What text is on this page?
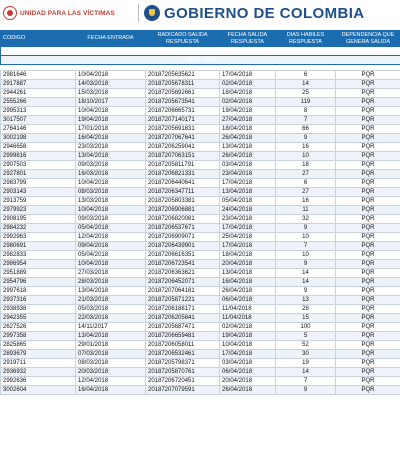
UNIDAD PARA LAS VÍCTIMAS	GOBIERNO DE COLOMBIA
REPORTE MENSUAL GESTION DE PETICIONES					
ABRIL 2018					

CODIGO	FECHA ENTRADA	RADICADO SALIDA RESPUESTA	FECHA SALIDA RESPUESTA	DIAS HABILES RESPUESTA	DEPENDENCIA QUE GENERA SALIDA
2981646	10/04/2018	20187205635621	17/04/2018	6	PQR
2917887	14/03/2018	20187205678311	02/04/2018	14	PQR
2944261	15/03/2018	20187205692661	18/04/2018	25	PQR
2555266	18/10/2017	20187205673541	02/04/2018	119	PQR
2995313	10/04/2018	20187206665731	19/04/2018	8	PQR
3017507	19/04/2018	20187207140171	27/04/2018	7	PQR
2764146	17/01/2018	20187205691831	18/04/2018	66	PQR
3002198	16/04/2018	20187207067641	26/04/2018	9	PQR
2946658	23/03/2018	20187206259041	13/04/2018	16	PQR
2999816	13/04/2018	20187207063151	26/04/2018	10	PQR
2907503	09/03/2018	20187205811791	03/04/2018	18	PQR
2927801	16/03/2018	20187206821331	23/04/2018	27	PQR
2983799	10/04/2018	20187206440641	17/04/2018	6	PQR
2903143	08/03/2018	20187206347711	13/04/2018	27	PQR
2913759	13/03/2018	20187205803381	05/04/2018	16	PQR
2979923	10/04/2018	20187206906881	24/04/2018	11	PQR
2908195	09/03/2018	20187206820081	23/04/2018	32	PQR
2984232	05/04/2018	20187206537671	17/04/2018	9	PQR
2992963	12/04/2018	20187206909071	25/04/2018	10	PQR
2980691	09/04/2018	20187206439901	17/04/2018	7	PQR
2982833	05/04/2018	20187206616351	18/04/2018	10	PQR
2986954	10/04/2018	20187206723541	20/04/2018	9	PQR
2951889	27/03/2018	20187206363621	13/04/2018	14	PQR
2954796	28/03/2018	20187206452071	16/04/2018	14	PQR
2997618	13/04/2018	20187207064181	26/04/2018	9	PQR
2937316	21/03/2018	20187205871221	06/04/2018	13	PQR
2938938	05/03/2018	20187206188171	11/04/2018	28	PQR
2942355	22/03/2018	20187206205841	11/04/2018	15	PQR
2627526	14/11/2017	20187205687471	02/04/2018	100	PQR
2997358	13/04/2018	20187206659481	19/04/2018	5	PQR
2825865	29/01/2018	20187206058011	10/04/2018	52	PQR
2893679	07/03/2018	20187206532461	17/04/2018	30	PQR
2919711	08/03/2018	20187205798371	03/04/2018	19	PQR
2936932	20/03/2018	20187205870761	06/04/2018	14	PQR
2992636	12/04/2018	20187206720451	20/04/2018	7	PQR
3002604	16/04/2018	20187207079591	26/04/2018	9	PQR
